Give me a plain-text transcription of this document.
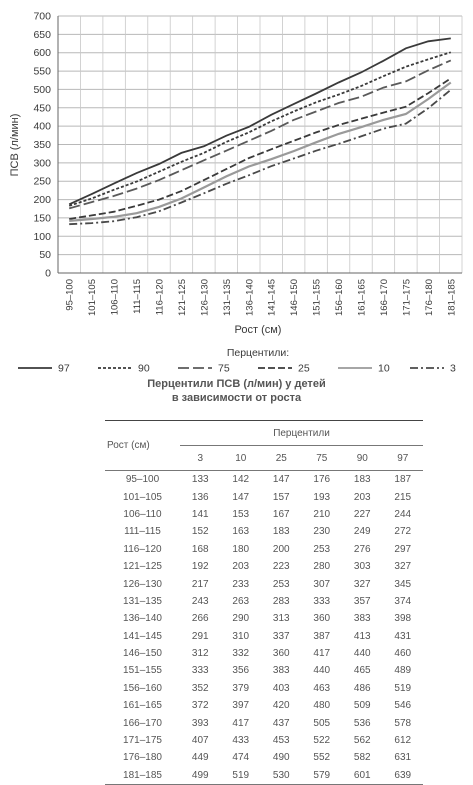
0
50
100
150
200
250
300
350
400
450
500
550
600
650
700
95–100 101–105 106–110 111–115 116–120 121–125 126–130 131–135 136–140 141–145 146–150 151–155 156–160 161–165 166–170 171–175 176–180 181–185
ПСВ (л/мин)
Рост (см)
Перцентили:
97	90	75	25	10	3
Перцентили ПСВ (л/мин) у детей
в зависимости от роста
Рост (см)	Перцентили					
	3	10	25	75	90	97
95–100	133	142	147	176	183	187
101–105	136	147	157	193	203	215
106–110	141	153	167	210	227	244
111–115	152	163	183	230	249	272
116–120	168	180	200	253	276	297
121–125	192	203	223	280	303	327
126–130	217	233	253	307	327	345
131–135	243	263	283	333	357	374
136–140	266	290	313	360	383	398
141–145	291	310	337	387	413	431
146–150	312	332	360	417	440	460
151–155	333	356	383	440	465	489
156–160	352	379	403	463	486	519
161–165	372	397	420	480	509	546
166–170	393	417	437	505	536	578
171–175	407	433	453	522	562	612
176–180	449	474	490	552	582	631
181–185	499	519	530	579	601	639
